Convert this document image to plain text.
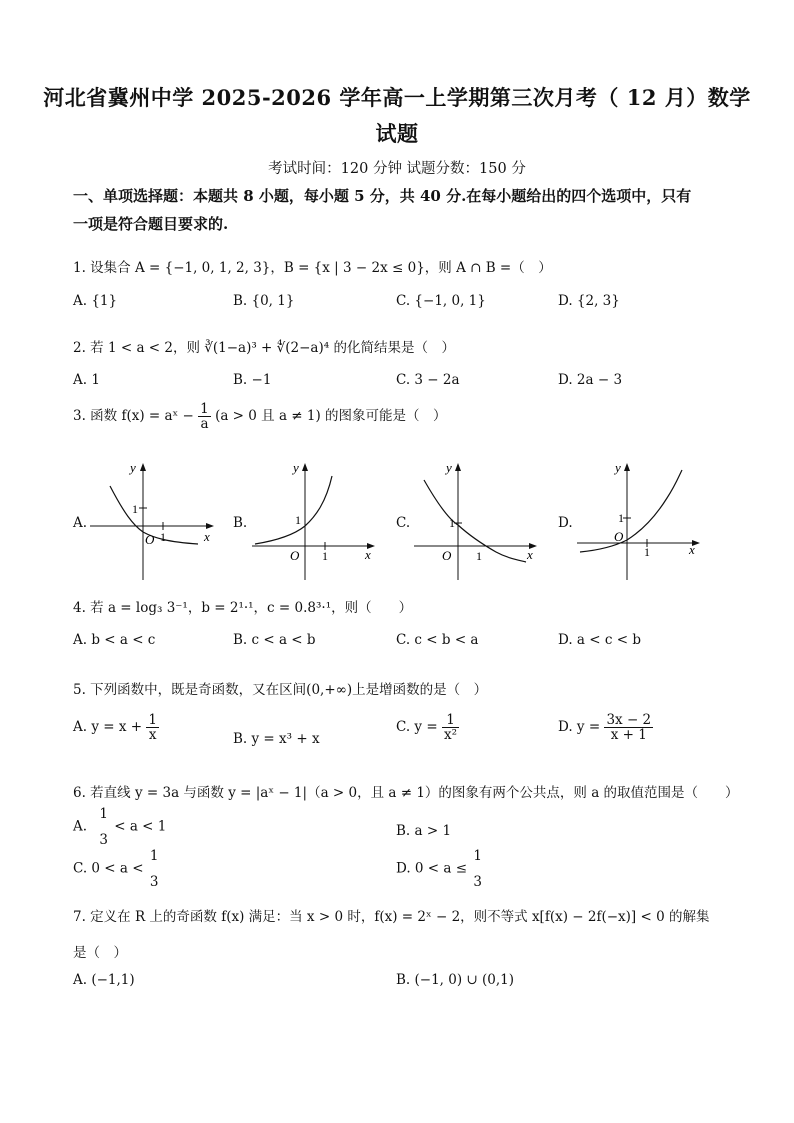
河北省冀州中学 2025-2026 学年高一上学期第三次月考（ 12 月）数学
试题
考试时间：120 分钟 试题分数：150 分
一、单项选择题：本题共 8 小题，每小题 5 分，共 40 分.在每小题给出的四个选项中，只有
一项是符合题目要求的.
1. 设集合 A = {−1, 0, 1, 2, 3}，B = {x | 3 − 2x ≤ 0}，则 A ∩ B =（　）
A. {1}	B. {0, 1}	C. {−1, 0, 1}	D. {2, 3}
2. 若 1 < a < 2，则 ∛(1−a)³ + ∜(2−a)⁴ 的化简结果是（　）
A. 1	B. −1	C. 3 − 2a	D. 2a − 3
3. 函数 f(x) = aˣ − $\frac{1}{a} (a > 0$ 且 a ≠ 1) 的图象可能是（　）
A.	B.	C.	D.
y
x
O
1
1
y
x
O
1
1
y
x
O
1
1
y
x
O
1
1
4. 若 a = log₃ 3⁻¹，b = 2¹·¹，c = 0.8³·¹，则（　　）
A. b < a < c	B. c < a < b	C. c < b < a	D. a < c < b
5. 下列函数中，既是奇函数，又在区间(0,+∞)上是增函数的是（　）
A. $y = x + \frac{1}{x}$	B. y = x³ + x
C. $y = \frac{1}{\text{x²}}$	D. $y = \frac{3x - 2}{x + 1}$
6. 若直线 y = 3a 与函数 y = |aˣ − 1|（a > 0，且 a ≠ 1）的图象有两个公共点，则 a 的取值范围是（　　）
A.
1
3
< a < 1	B. a > 1
C. 0 < a <
1
3
D. 0 < a ≤
1
3
7. 定义在 R 上的奇函数 f(x) 满足：当 x > 0 时，f(x) = 2ˣ − 2，则不等式 x[f(x) − 2f(−x)] < 0 的解集
是（　）
A. (−1,1)	B. (−1, 0) ∪ (0,1)
